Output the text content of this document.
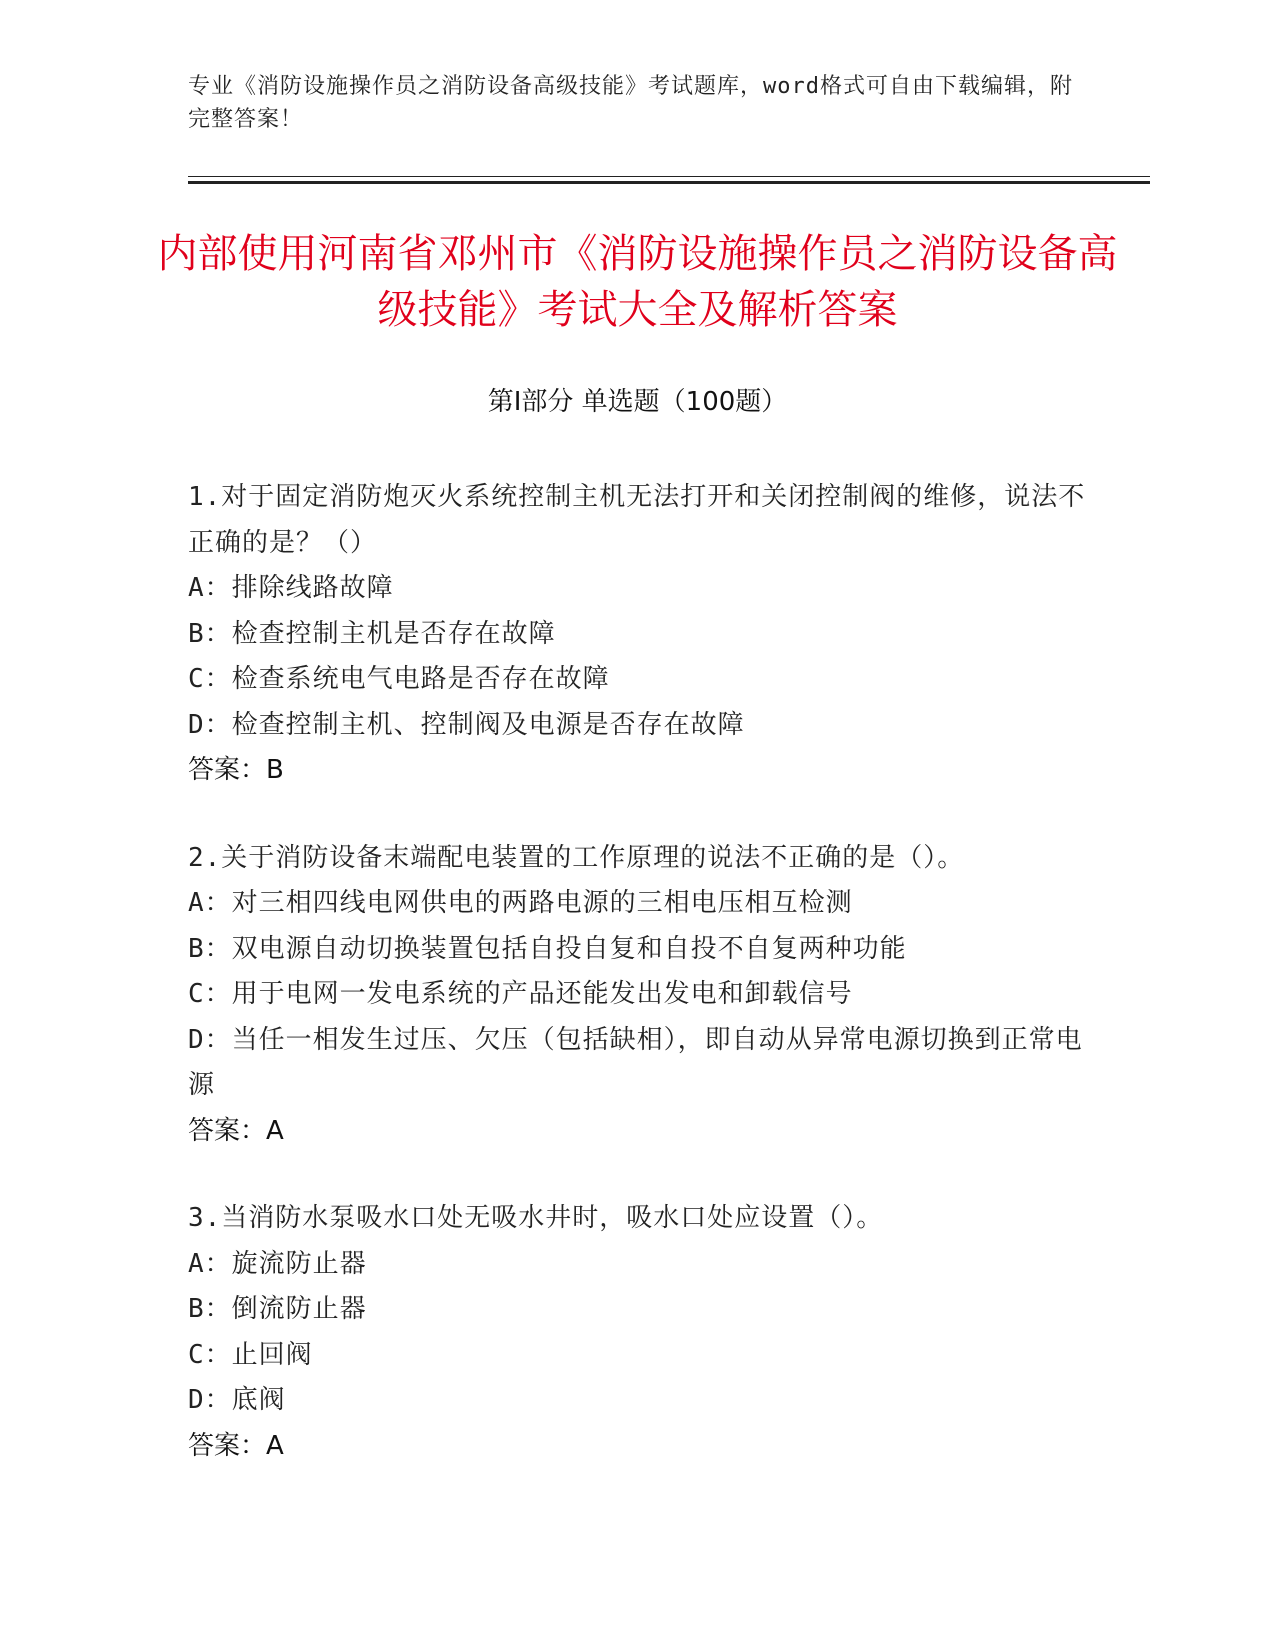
专业《消防设施操作员之消防设备高级技能》考试题库，word格式可自由下载编辑，附完整答案！

内部使用河南省邓州市《消防设施操作员之消防设备高级技能》考试大全及解析答案
第Ⅰ部分 单选题（100题）

1.对于固定消防炮灭火系统控制主机无法打开和关闭控制阀的维修，说法不正确的是？（）

A：排除线路故障

B：检查控制主机是否存在故障

C：检查系统电气电路是否存在故障

D：检查控制主机、控制阀及电源是否存在故障

答案：B

2.关于消防设备末端配电装置的工作原理的说法不正确的是（）。

A：对三相四线电网供电的两路电源的三相电压相互检测

B：双电源自动切换装置包括自投自复和自投不自复两种功能

C：用于电网一发电系统的产品还能发出发电和卸载信号

D：当任一相发生过压、欠压（包括缺相），即自动从异常电源切换到正常电源

答案：A

3.当消防水泵吸水口处无吸水井时，吸水口处应设置（）。

A：旋流防止器

B：倒流防止器

C：止回阀

D：底阀

答案：A
